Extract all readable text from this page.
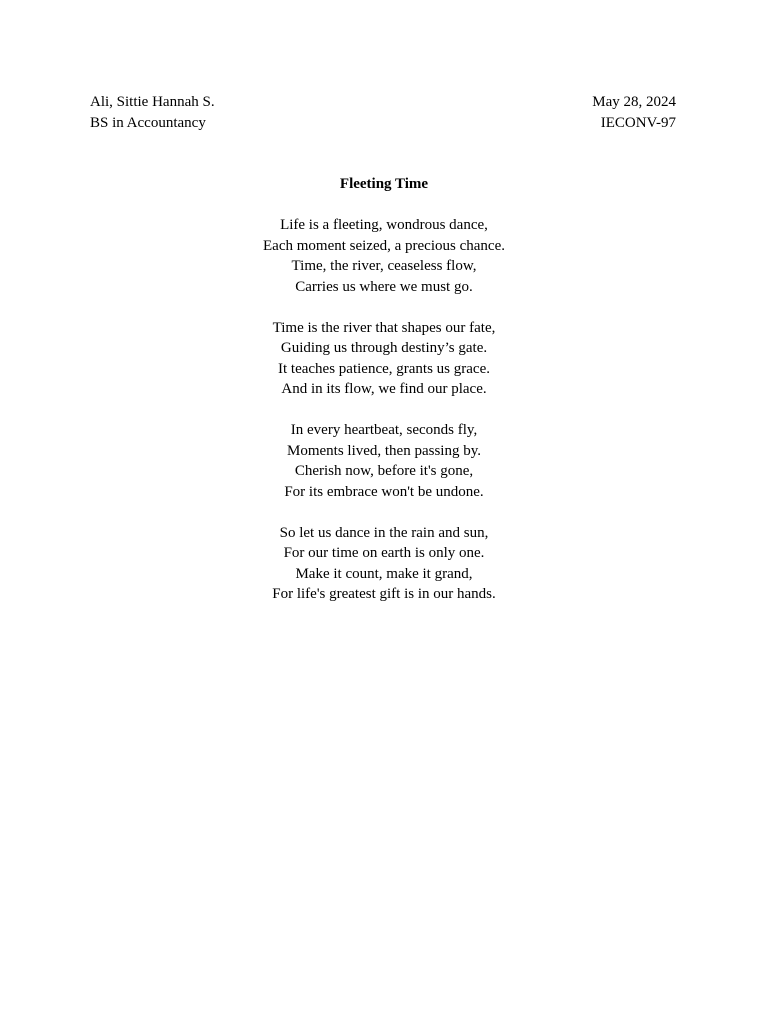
Ali, Sittie Hannah S.
BS in Accountancy
May 28, 2024
IECONV-97
Fleeting Time
Life is a fleeting, wondrous dance,
Each moment seized, a precious chance.
Time, the river, ceaseless flow,
Carries us where we must go.
Time is the river that shapes our fate,
Guiding us through destiny’s gate.
It teaches patience, grants us grace.
And in its flow, we find our place.
In every heartbeat, seconds fly,
Moments lived, then passing by.
Cherish now, before it's gone,
For its embrace won't be undone.
So let us dance in the rain and sun,
For our time on earth is only one.
Make it count, make it grand,
For life's greatest gift is in our hands.
